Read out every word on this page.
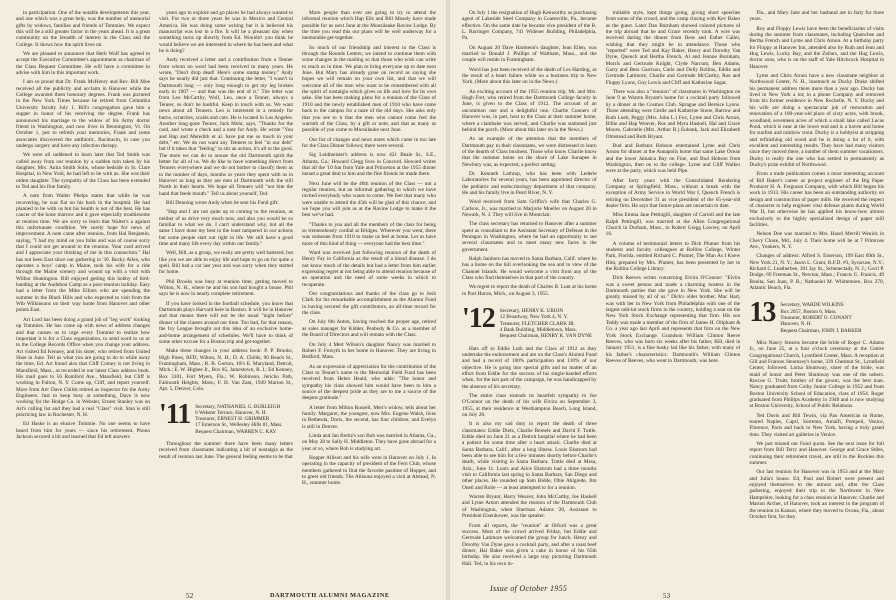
in participation. One of the notable developments this year, and one which was a great help, was the number of memorial gifts by widows, families and friends of Tommies. We expect this will be a still greater factor in the years ahead. It is a great community on the breadth of interest in the Class and the College. It shows how the spirit lives on.

We are pleased to announce that Herb Wolf has agreed to accept the Executive Committee's appointment as chairman of the Class Bequest Committee. He will have a committee to advise with him in this important work.

I am so proud that Dr. Frank McHenry and Rev. Bill Moe received all the publicity and acclaim in Hanover while the College awarded them honorary degrees. Frank was pictured in the New York Times because he retired from Columbia University faculty July 1. Bill's congregation gave him a supper in honor of his receiving the degree. Frank has announced his marriage to the widow of his Army doctor friend in Washington, and now lives in Bennington, Vt. On October 1, just to refresh your memories, Frank and some associates discovered the antibiotic, Bacitracin, in case you undergo surgery and have any infection therapy.

We were all saddened to learn later that Ted Smith was called away from our reunion by a sudden turn taken by his daughter, Mrs. Anita Smith Solis, whose bedside in St. Clare Hospital, in New York, he had left to be with us. She was their oldest daughter. The sympathy of the Class has been extended to Ted and his fine family.

A note from Walter Phelps states that while he was recovering, he was flat on his back in the hospital. He had planned to be with us but his health is not of the best. He has cancer of the bone marrow and it gave especially troublesome at reunion time. We are sorry to learn that Walter's a against this unfortunate condition. We surely hope for news of improvement. A note came after reunion, from Hal Benjamin, saying, "I had my mind on you folks and was of course sorry that I could not get around to the reunion. Your card arrived and I appreciate your thinking of me in this connection." Hal has not been East since our gathering in '30. Bucky Allen, who operates a boys' camp in Maine, took his wife for a ride through the Maine scenery and wound up with a visit with Wilbur Huntington. Bill enjoyed getting this hobby of bird-banding at the Audubon Camp as a post-reunion holiday. Easy had a letter from the Mike Elliots who are spending the summer in the Black Hills and who expected to visit from the Wib Wilkinsons on their way home from Hanover and other points East.

Art Lord has been doing a grand job of "leg work" looking up Tommies. He has come up with news of address changes and that causes us to urge every Tommie to realize how important it is for a Class organization, to send word to us or to the College Records Office when you change your address. Art visited Ed Kenney, and his sister, who retired from United Shoe in June. Tell us what you are going to do to while away the time, Ed. Art found also that Cliff Comey is not living in Mansfield, Mass., as recorded in our latest Class address book. His mail goes to 56 Rumford Ave., Mansfield, but Cliff is working in Fulton, N. Y. Come up, Cliff, and report yourself. More from Art: Dave Childs retired as inspector for the Army Engineers. Just to keep busy at something, Dave is now working for the Hodge Co. in Webster, Ernest Stanley was on Art's calling list and they had a real "Class" visit. Stan is still practicing law in Rochester, N. H.

Ed Haske is an elusive Tommie. No one seems to have heard from him for years — since his retirement. Phono Jackson secured a bit and learned that Ed left answers

years ago to explore and go places he had always wanted to visit. For two or three years he was in Mexico and Central America. He was doing some writing but it is believed his manuscript was lost in a fire. It will be a pleasant day when something turns up directly from Ed. Wouldn't you think he would believe we are interested in where he has been and what he is doing?

Andy received a letter and a contribution from a Tenner from whom no word had been received in many years. He wrote, "Don't drop dead! Here's some stamp money." Andy says he nearly did just that. Continuing the letter, "I wasn't in Dartmouth long — only long enough to get my leg broken early in 1907 — and that was the end of it." The letter was from Leo McCarthy, Wolf, Leo, once a Tenner, always a Tenner, so don't be bashful. Keep in touch with us. We want news about all Tenners. Leo is interested in a remedy for burns, scratches, scalds and cuts. He is located in Los Angeles. Another long-gone Tenner, Jack Mohr, says, "Thanks for the card, and wrote a check and a note for Andy. He wrote "You and Hap and Meredith et al. have put me so much in your debt," etc. We do not want any Tenners to feel "in our debt" but if it takes that "feeling" to stir an action, it's all to the good. The more we can do to arouse the old Dartmouth spirit the better for all of us. We do like to have something direct from Tenners everywhere and we do not bother to classify them as to the number of days, months or years they spent with us in Hanover as long as they are men of Dartmouth with the still North in their hearts. We hope all Tenners will "not bite the hand that feeds mouth." Tell us about yourself, Ted.

Bill Denning wrote Andy when he sent his Fund gift:

"Hap and I are not quite up to coming to the reunion, as neither of us drive very much now, and also you would be so familiar to what we do. I can't understand why, but all the same I have done my best in the least tampered in our actions but some people start out right in life. We still have a good time and many life every day within our family."

Well, Bill, as a group, we really are pretty well battered, but like you we are able to enjoy life and hope to go on for quite a spell. Bill had a car last year and was sorry when they started for home.

Phil Brooks was busy at reunion time, getting moved to Wilton, N. H., where he and his son had bought a house. Phil says he is now in nearly complete retirement.

If you have looked in the football schedule, you know that Dartmouth plays Harvard here in Boston. It will be in Hanover and that means there will not be the usual "night before" dinner of the classes around our time. Too bad, for that reason, the Ivy League brought out this idea of an exclusive home-and-home arrangement of schedules. We'll have to think of some other excuse for a Boston trip and get-together.

Make these changes in your address book: P. P. Brooks, High Pines, RFD, Wilton, N. H.; D. A. Childs, 90 Beach St., Framingham, Mass.; R. B. Gorton, 16½ E. Maryland, Detroit, Mich.; E. W. Higbee Jr., Box 85, Jamestown, R. I.; Ed Kenney, Box 3101, Fort Myers, Fla.; W. Robinson, Jericho Path, Falmouth Heights, Mass.; F. H. Van Zant, 1949 Marion St., Apt. 5, Denver, Colo.

'11 Secretary, NATHANIEL G. BURLEIGH
6 Webster Terrace, Hanover, N. H.
Treasurer, ERNEST H. GRIMMER
17 Emerson St., Wellesley Hills 81, Mass.
Bequest Chairman, WARREN C. KAY

Throughout the summer there have been many letters received from classmates indicating a bit of nostalgia as the result of reunion last June. The general feeling seems to be that

More people than ever are going to try to attend the informal reunion which Hap Ells and Bill Mosely have made possible for us next June at the Moosilauke Ravine Lodge. By the time you read this our plans will be well underway for a memorable get-together.

So much of our friendship and interest in the Class is through the Rounds Letters; we intend to continue them with some changes in the mailing so that those who wish can write to reach us in time. We plan to bring everyone up to date next June. But Mary has already gone on record as saying she hopes we will remain on your own list, and that we will welcome all of the men who want to be remembered with all the spirit of nostalgia which gives us life and love for its own sake. She has been making plans for a reunion of the Class of 1910 and the newly established men of 1910 who have come back to the campus for a taste of the old days. She asks only that you see to it that the men who cannot come feel the warmth of the Class, by a gift or note, and that as many as possible of you come to Moosilauke next June.

Our list of changes and news notes which came in too late for the Class Dinner follows; there were several.

Sig Leidmeister's address is now 421 Beale St., S.E., Atlanta, Ga.; Howard Clegg lives in Concord. Howard writes that all the '10 fun from Yale and Princeton at the 1955 dinner meant a great deal to him and the fine friends he made there.

Next June will be the 46th reunion of the Class — not a regular reunion, but an informal gathering to which we have invited everybody who wants to come. We feel that many who were unable to attend the 45th will be glad of this chance, and we hope you will join us at the Ravine Lodge to make it the best we've had.

"Thanks to you and all the members of the class for being so tremendously cordial at Bridges. Wherever you went, there was someone from 1910 to make us feel at home. Let us have more of this kind of thing — everyone had the best time."

Ward was received just following reunion of the death of Henry Fay in California as the result of a blood disease. I do not know much of the details but had a letter from him earlier expressing regret at not being able to attend reunion because of an operation and the need of some weeks in which to recuperate.

Our congratulations and thanks of the class go to Josh Clark for his remarkable accomplishment as the Alumni Fund in having secured the gift contributors, an all-time record for the class.

On July 6th Anton, having reached the proper age, retired as sales manager for Kidder, Peabody & Co. as a member of the Board of Directors and will remain with the Class.

On July 4 Mert Wilson's daughter Nancy was married to Robert F. Forsyth in her home in Hanover. They are living in Bedford, Mass.

As an expression of appreciation for the contribution of the Class to Tenner's name to the Memorial Field Fund has been received from Helen Heald, who adds: "The honor and sympathy his class showed him would have been to him a source of the deepest pride as they are to me a source of the deepest gratitude."

A letter from Milton Russell, Mert's widow, tells about her family. Margaret, the youngest, now Mrs. Eugene Walsh, lives in Bethesda; Doris, the second, has four children; and Evelyn is still in Denver.

Linda and Jan Breitz's son Bob was married in Atlanta, Ga., on May 28 to Sally H. Middleton. They have gone abroad for a year or so, where Bob is studying art.

Hopper Allison and his wife were in Hanover on July 1. In operating in the capacity of president of the Fern Club, whose members gathered to find the favorite pastime of Hopper, and to greet old friends. The Allisons enjoyed a visit at Alstead, N. H., summer home.

52	DARTMOUTH ALUMNI MAGAZINE

On July 1 the resignation of Hugh Kenworthy as purchasing agent of Lakeside Steel Company in Coatesville, Pa., became effective. On the same date he became vice president of the R. L. Barringer Company, 741 Widener Building, Philadelphia, Pa.

On August 20 Dave Harmeon's daughter, Jean Ellen, was married to Donald J. Phillips of Waltham, Mass., and the couple will reside in Framingham.

Word has just been received of the death of Les Harding, as the result of a heart failure while on a business trip to New York. (More about this later on in the News.)

An exciting account of the 1955 reunion trip, Mr. and Mrs. Hugh Fort, who retired from the Dartmouth College faculty in June, is given to the Class of 1912. The account of an uncommon one and a delightful one. Charlie Conners of Hanover was, in part, host to the Class at their summer home, where a clambake was served, and Charlie was stationed just behind the porch. (More about this later on in the News.)

As an example of the attention that the members of Dartmouth pay to their classmates, we were distressed to learn of the dearth of Class business. Those who know Charlie know that the summer home on the shore of Lake Sunapee in Newbury was, as expected, a perfect setting.

Dr. Kenneth Lathrop, who has been with Lederle Laboratories for several years, has been appointed director of the pediatric and endocrinology department of that company. He and his family live in Pearl River, N. Y.

Word received from Sam Griffin's wife that Charles G. Carlson, Jr., was married to Marjorie Moeller on August 20 in Newark, N. J. They will live in Montclair.

The class secretary has returned to Hanover after a summer spent as consultant to the Assistant Secretary of Defense in the Pentagon in Washington, where he had an opportunity to see several classmates and to meet many new faces in the government.

Ralph Sanborn has moved to Santa Barbara, Calif. where he has a home on the hill overlooking the sea and in view of the Channel Islands. He would welcome a visit from any of the Class who find themselves in that part of the country.

We regret to report the death of Charles B. Lunt at his home in Port Huron, Mich., on August 3, 1955.

'12 Secretary, HENRY K. URION
12 Broadway, New York 4, N. Y.
Treasurer, FLETCHER CLARK JR.
4 Bank Building, Middletown, Mass.
Bequest Chairman, HENRY K. VAN DYNE

Hats off to Eddie Loth and the Class of 1912 as they undertake the endorsement and are on the Class's Alumni Fund and had a record of 100% participation and 110% of our objective. He is going into special gifts and no matter of an effort from Eddie for the success of his single-handed efforts when, for the last part of the campaign, he was handicapped by the absence of his secretary.

The entire class extends its heartfelt sympathy to Joe O'Connor on the death of his wife Elvira on September 3, 1955, at their residence at Westhampton Beach, Long Island, on July 28.

It is also my sad duty to report the death of three classmates: Eddie Dietz, Charlie Remele and David F. Tuttle. Eddie died on June 21 as a Detroit hospital where he had been a patient for some time after a heart attack. Charlie died at Santa Barbara, Calif., after a long illness. Louis Ekstrom had been able to see him for a few minutes shortly before Charlie's death, while visiting in Santa Barbara. Tuttle died at Mesa, Ariz., June 11. Louis and Alice Ekstrom had a three months visit to California last spring in Santa Barbara, San Diego and other places. He rounded up Sam Ridde, Obie Ahlgrede, Jim Oneil and Rolle — at least attempted to for a reunion.

Warren Bryant, Harry Weaver, John McCarthy, Joe Haskell and Lyme Arnon attended the reunion of the Dartmouth Club of Washington, when Sherman Adams '20, Assistant to President Eisenhower, was the speaker.

From all reports, the "reunion" at Orford was a great success. Most of the crowd arrived Friday, but Eddie and Gertrude Latimore welcomed the group for lunch. Henry and Dorothy Van Dyne gave a cocktail party, and after a roast beef dinner, Hal Baker was given a cake in honor of his 65th birthday. He also received a large tray picturing Dartmouth Hall. Ted, in his own in-

imitable style, kept things going, giving short speeches from some of the crowd, and the camp closing with Kev Baker as the guest. Later Dan Burnham showed colored pictures of the trip abroad that he and Grace recently took. A wire was received during the dinner from Bess and Esther Caller, wishing that they might be in attendance. Those who "reported" were Ted and Kay Baker, Henry and Dorothy Van Dyne, Quench and Bertha French, Al and Jeanne Burnham, Morris and Gertrude Knight, Clyde Narcum, Ben Adams, Garry and Bess Garrison, Carle and Dolly Rollins, Eddie and Gertrude Latimore, Charlie and Gertrude McCarthy, Roe and Fluppy Lyons, Guy Lewis and Cliff and Katherine Sugar.

There was also a "reunion" of classmates in Washington on June 9 as Warren Bryant's home for a cocktail party followed by a dinner at the Cosmos Club. Sprague and Bernice Lyons. Those attending were Cestle and Katherine Stone, Barrow and Ruth Loeb, Peggy (Mrs. John L.) Fox, Lyme and Chris Arnon, Billie and Hap Weaver, Ros and Myra Haskell, Hal and Grace Moore, Gabrielle (Mrs. Arthur R.) Eubank, Jack and Elizabeth Olmstead and Ruth Bryant.

Bud and Barbara Hobson entertained Lyme and Chris Arnon for dinner at the Annapolis home that same Lake Ocean and the lower Jamaica Bay on Fine, and Bud Hobson from Washington, then on to the college. Lyme and Cliff Walker were at the party, which was held Pipe.

After forty years with the Consolidated Rendering Company at Springfield, Mass., without a break with the exception of Army Service in World War I, Quench French is retiring on December 31 as vice president of the 65-year-old dealer firm. He says that future plans are uncertain to date.

Miss Emma Jane Pettingill, daughter of Carroll and the late Ralph Pettingill, was married at the Allen Congregational Church in Durham, Mass., to Robert Gregg Lowrey, on April 16.

A volume of testimonial letters to Dick Plumer from his students and faculty colleagues at Rollins College, Winter Park, Florida, entitled Richard C. Plumer, The Man As I Knew Him, prepared by Mrs. Plumer, has been presented by her to the Rollins College Library.

Dick Reeves writes concerning Elvira O'Connor: "Elvira was a sweet person and made a charming hostess in the Dartmouth parties that she gave in New York. She will be greatly missed by all of us." Dick's older brother, Mac Hart, was with her in New York from Philadelphia with one of the largest odd-lot stock firms in the country, holding a seat on the New York Stock Exchange representing that firm. His son Teddy was made a member of the firm of James H. Oliphant & Co. a year ago last April and represents that firm on the New York Stock Exchange. Grandson William Clinton Reeve Reeves, who was born six weeks after his father, Bill, died in January 1951, is a fine husky lad like his father, with many of his father's characteristics. Dartmouth's William Clinton Reeves of Reeves, who went to Dartmouth, was here.

Fla., and Mary Jane and her husband are in Italy for three years.

Roy and Floppy Lewis have been the beneficiaries of visits during the summer from classmates, including Quenchee and Bertha French and Lyme and Chris Arnon. At a birthday party for Floppy at Hanover Inn, attended also by Ruth and Jean and Hug Lewis, Lucky Bay, and the Zellars, and the Hug Lewis, doctor sons, who is on the staff of Yale Hitchcock Hospital in Hanover.

Lyme and Chris Arnon have a new classmate neighbor at Northwood Center, N. H., inasmuch as Ducky Drake shifted his permanent address there more than a year ago. Ducky has lived in New York a lot; in a phone Company and removed from his former residence in New Rochelle, N. Y. Ducky and his wife are doing a spectacular job of restoration and renovation of a 180-year-old place of sixty acres, with brook, woodland, seventeen acres of which a small lake called Lucas Pond. which is near at the lower end and is a haven and home for sunfish and rainbow trout. Ducky is a hobbyist at stripping and refinishing old wood and he is doing a lot of it, with excellent and interesting results. They have had many visitors since they moved there, a number of them summer vacationers. Ducky is really the one who has settled in permanently as Ducky's prize exhibit of Northwood.

From a trade publication comes a most interesting account of Bill Baker's career as project engineer of the Big Paper Producer H. A. Ferguson Company, with which Bill began his work in 1913. His career has been an outstanding authority on design and construction of paper mills. He received the respect of character to help engineer vital defense plants during World War II, but otherwise he has applied his know-how almost exclusively to the highly specialized design of paper mill facilities.

Nelson Doe was married to Mrs. Hazel Merrill Wenick in Chevy Chase, Md., July 4. Their home will be at 7 Primrose Ave., Yonkers, N. Y.

Changes of address: Alfred S. Emerson, 199 East 69th St., New York 21, N. Y.; Jason L. Grant, R.F.D. #3, Syracuse, N.Y.; Richard C. Leatherbee, 301 Jay St., Schenectady, N. J.; Cecil P. Dodge, 69 Freeman St., Newton, Mass.; Francis G. Francis, 49 Bonita, San Juan, P. R.; Nathaniel M. Whittemore, Box 270, Atlantic Beach, Fla.

13 Secretary, WARDE WILKINS
Box 2057, Boston 6, Mass.
Treasurer, ROBERT O. CONANT
Hanover, N. H.
Bequest Chairman, JOHN J. BARKER

Miss Nancy Stearns became the bride of Roger C. Adams Jr., on June 25, at a four o'clock ceremony at the Centre Congregational Church, Lynnfield Center, Mass. A reception at Gill and Frances Stearnsey's home, 339 Chestnut St., Lynnfield Center, followed. Lorna Shumway, sister of the bride, was maid of honor and Peter Shumway was one of the ushers. Roscoe G. Truitt, brother of the groom, was the best man. Nancy graduated from Colby Junior College in 1952 and from Boston University School of Education, class of 1954. Roger graduated from Phillips Academy in 1948 and is now studying at Boston University, School of Public Relations.

Ted Davis and Bill Tewin, via Pan American to Rome, toured Naples, Capri, Sorrento, Amalfi, Pompeii, Venice, Florence, Paris and back to New York, having a truly grand time. They visited art galleries in Venice.

We just missed our Fund quota. See the next issue for full report from Bill Terry and Hanover. George and Grace Stiles, continuing their retirement travel, are still in the Rockies this summer.

Our last reunion for Hanover was in 1953 and at the Mary and Julia's house. Ed, Paul and Robert were present and enjoyed themselves to the utmost and, after the Class gathering, enjoyed their trip to the Northwest in New Hampshire, looking for a class reunion in Hanover. Charlie and Marion Archer, of Hanover, took an interest in the program of the reunion in Kansas, where they moved to Ocona, Fla., about October first, for they

Issue of October 1955
53
